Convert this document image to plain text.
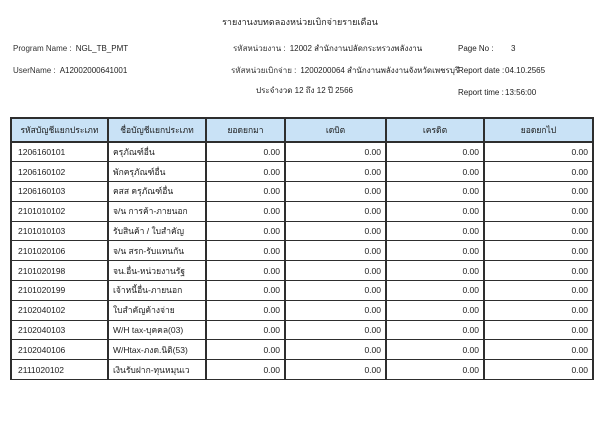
รายงานงบทดลองหน่วยเบิกจ่ายรายเดือน
Program Name : NGL_TB_PMT
UserName : A12002000641001
รหัสหน่วยงาน : 12002 สำนักงานปลัดกระทรวงพลังงาน
รหัสหน่วยเบิกจ่าย : 1200200064 สำนักงานพลังงานจังหวัดเพชรบุรี
ประจำงวด 12 ถึง 12 ปี 2566
Page No : 3
Report date : 04.10.2565
Report time : 13:56:00
รหัสบัญชีแยกประเภท	ชื่อบัญชีแยกประเภท	ยอดยกมา	เดบิต	เครดิต	ยอดยกไป
1206160101	ครุภัณฑ์อื่น	0.00	0.00	0.00	0.00
1206160102	พักครุภัณฑ์อื่น	0.00	0.00	0.00	0.00
1206160103	คสส ครุภัณฑ์อื่น	0.00	0.00	0.00	0.00
2101010102	จ/น การค้า-ภายนอก	0.00	0.00	0.00	0.00
2101010103	รับสินค้า / ใบสำคัญ	0.00	0.00	0.00	0.00
2101020106	จ/น สรก-รับแทนกัน	0.00	0.00	0.00	0.00
2101020198	จน.อื่น-หน่วยงานรัฐ	0.00	0.00	0.00	0.00
2101020199	เจ้าหนี้อื่น-ภายนอก	0.00	0.00	0.00	0.00
2102040102	ใบสำคัญค้างจ่าย	0.00	0.00	0.00	0.00
2102040103	W/H tax-บุคคล(03)	0.00	0.00	0.00	0.00
2102040106	W/Htax-ภงด.นิติ(53)	0.00	0.00	0.00	0.00
2111020102	เงินรับฝาก-ทุนหมุนเว	0.00	0.00	0.00	0.00
